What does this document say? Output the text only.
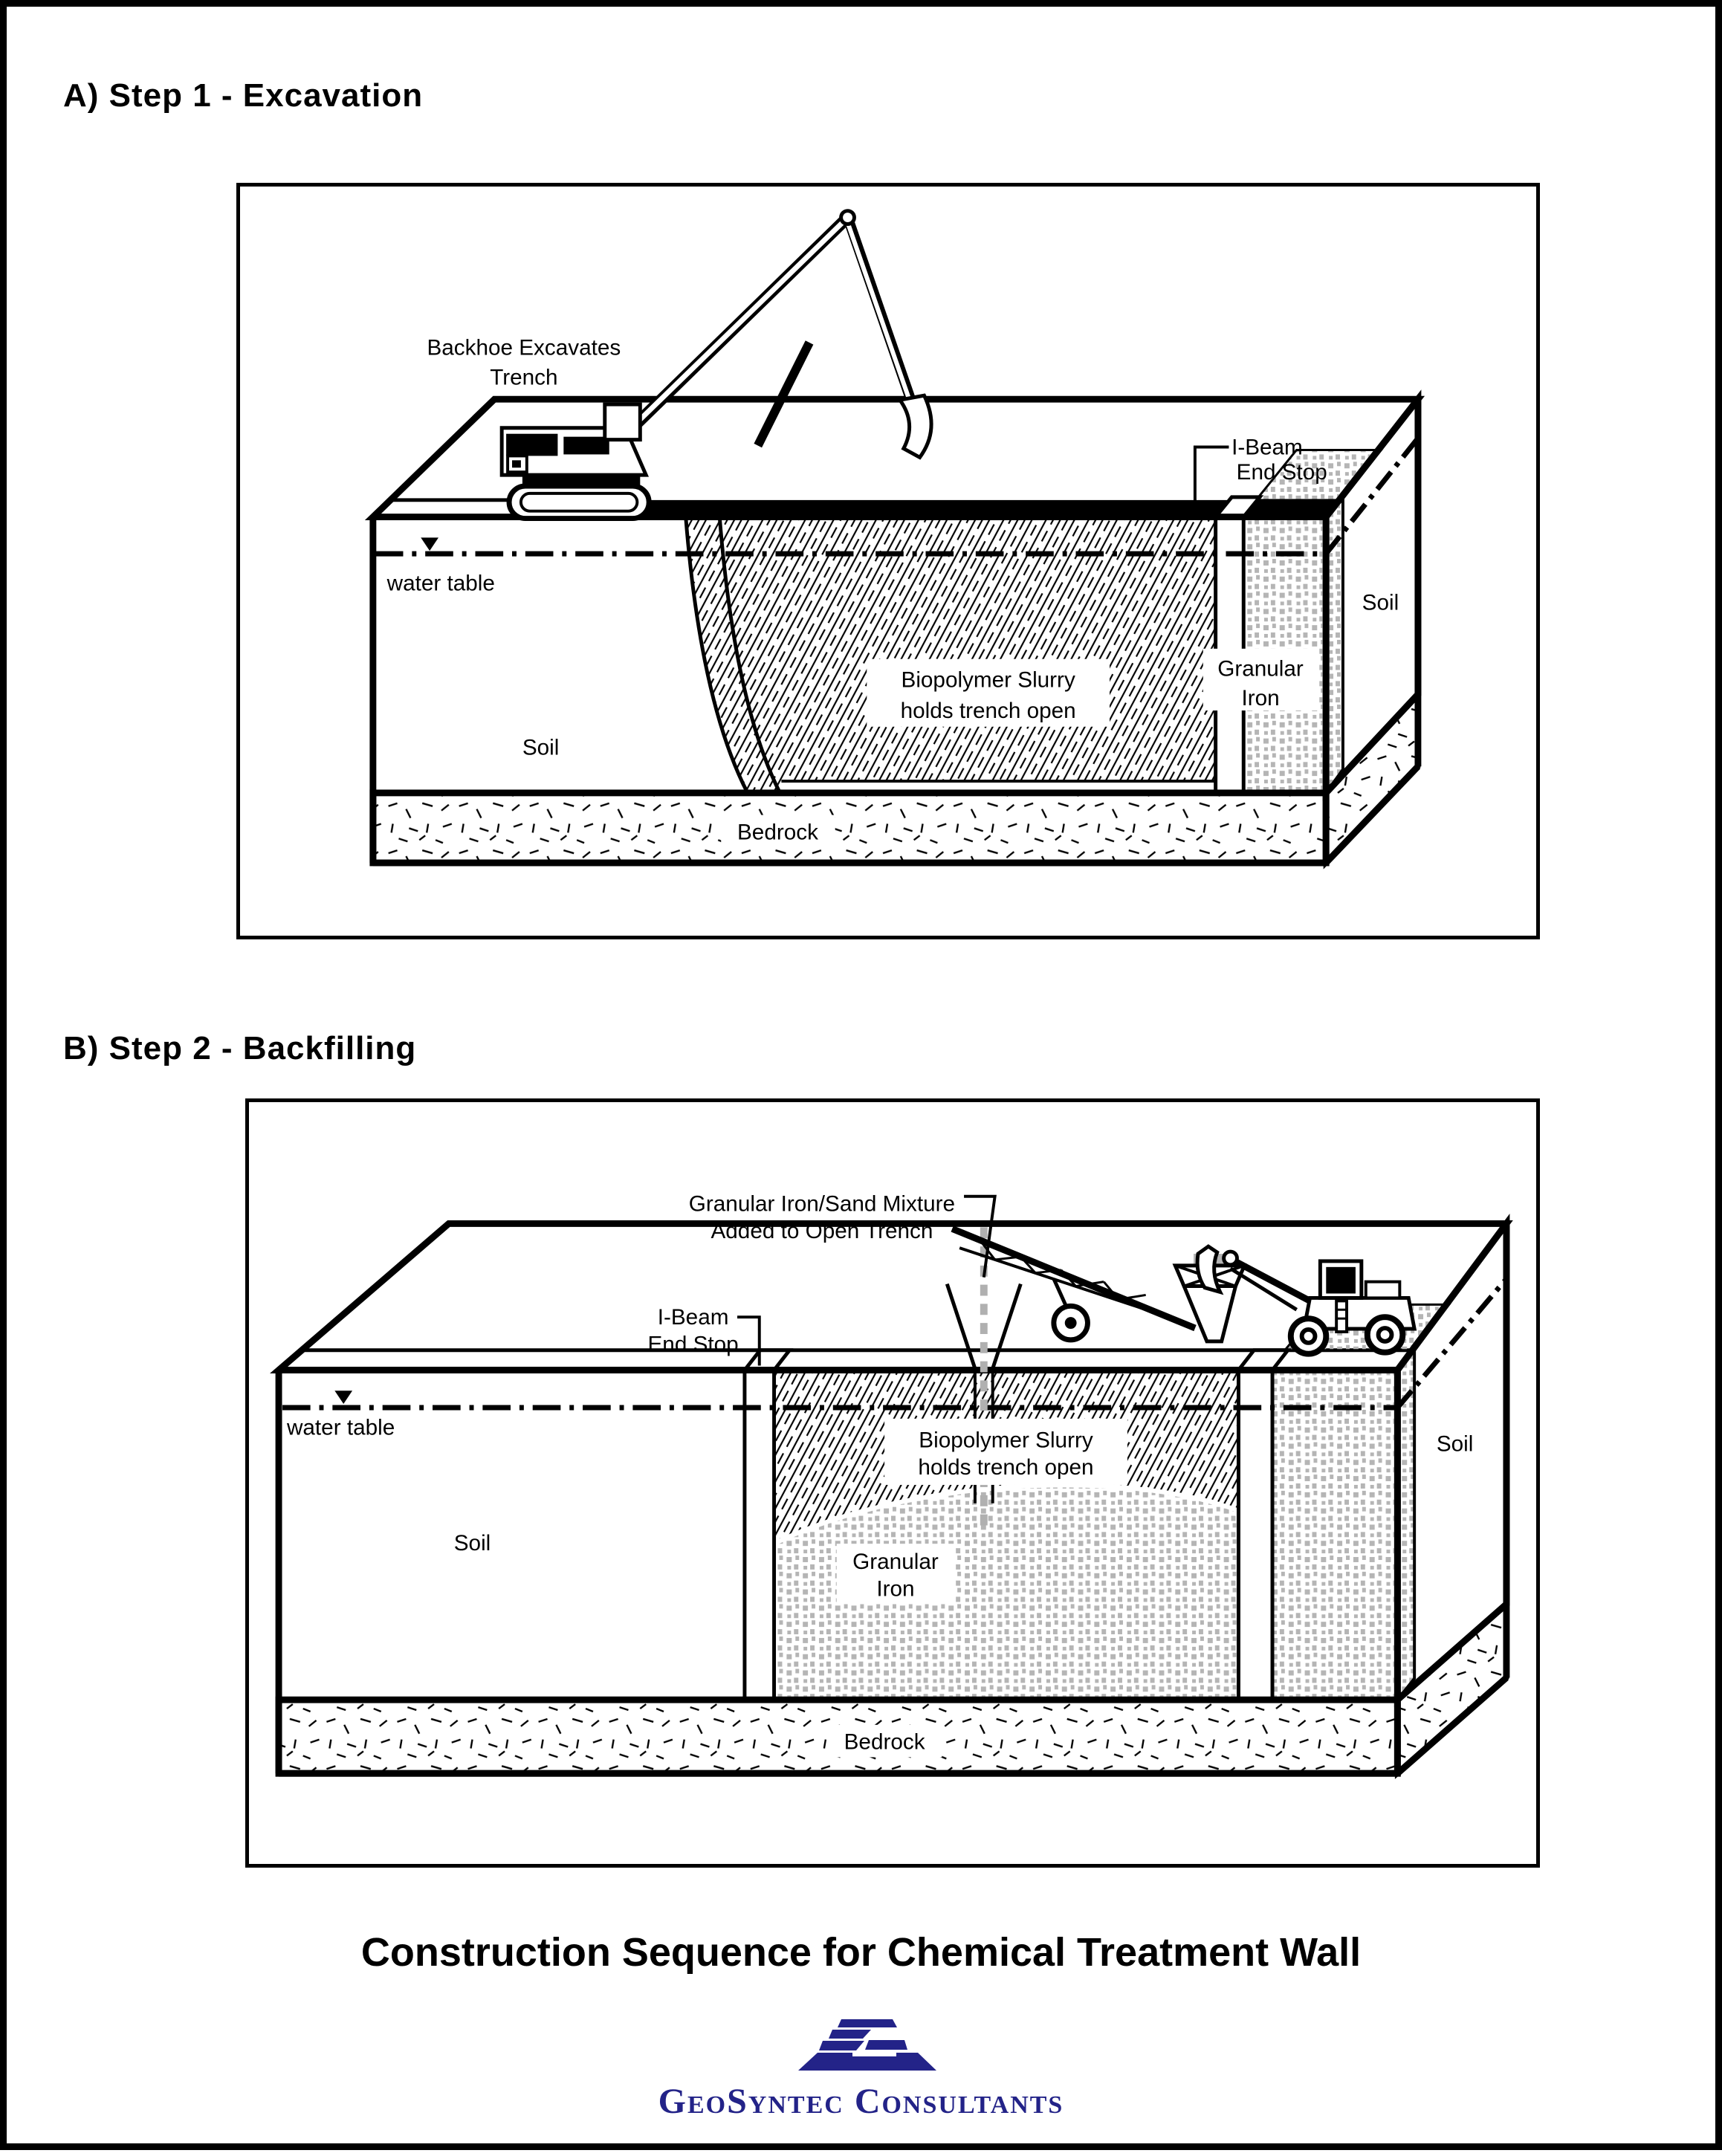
A) Step 1 - Excavation
Backhoe Excavates
Trench
I-Beam
End Stop
water table
Soil
Biopolymer Slurry
holds trench open
Granular
Iron
Soil
Bedrock
B) Step 2 - Backfilling
Granular Iron/Sand Mixture
Added to Open Trench
I-Beam
End Stop
water table
Soil
Biopolymer Slurry
holds trench open
Granular
Iron
Soil
Bedrock
Construction Sequence for Chemical Treatment Wall
GeoSyntec Consultants
